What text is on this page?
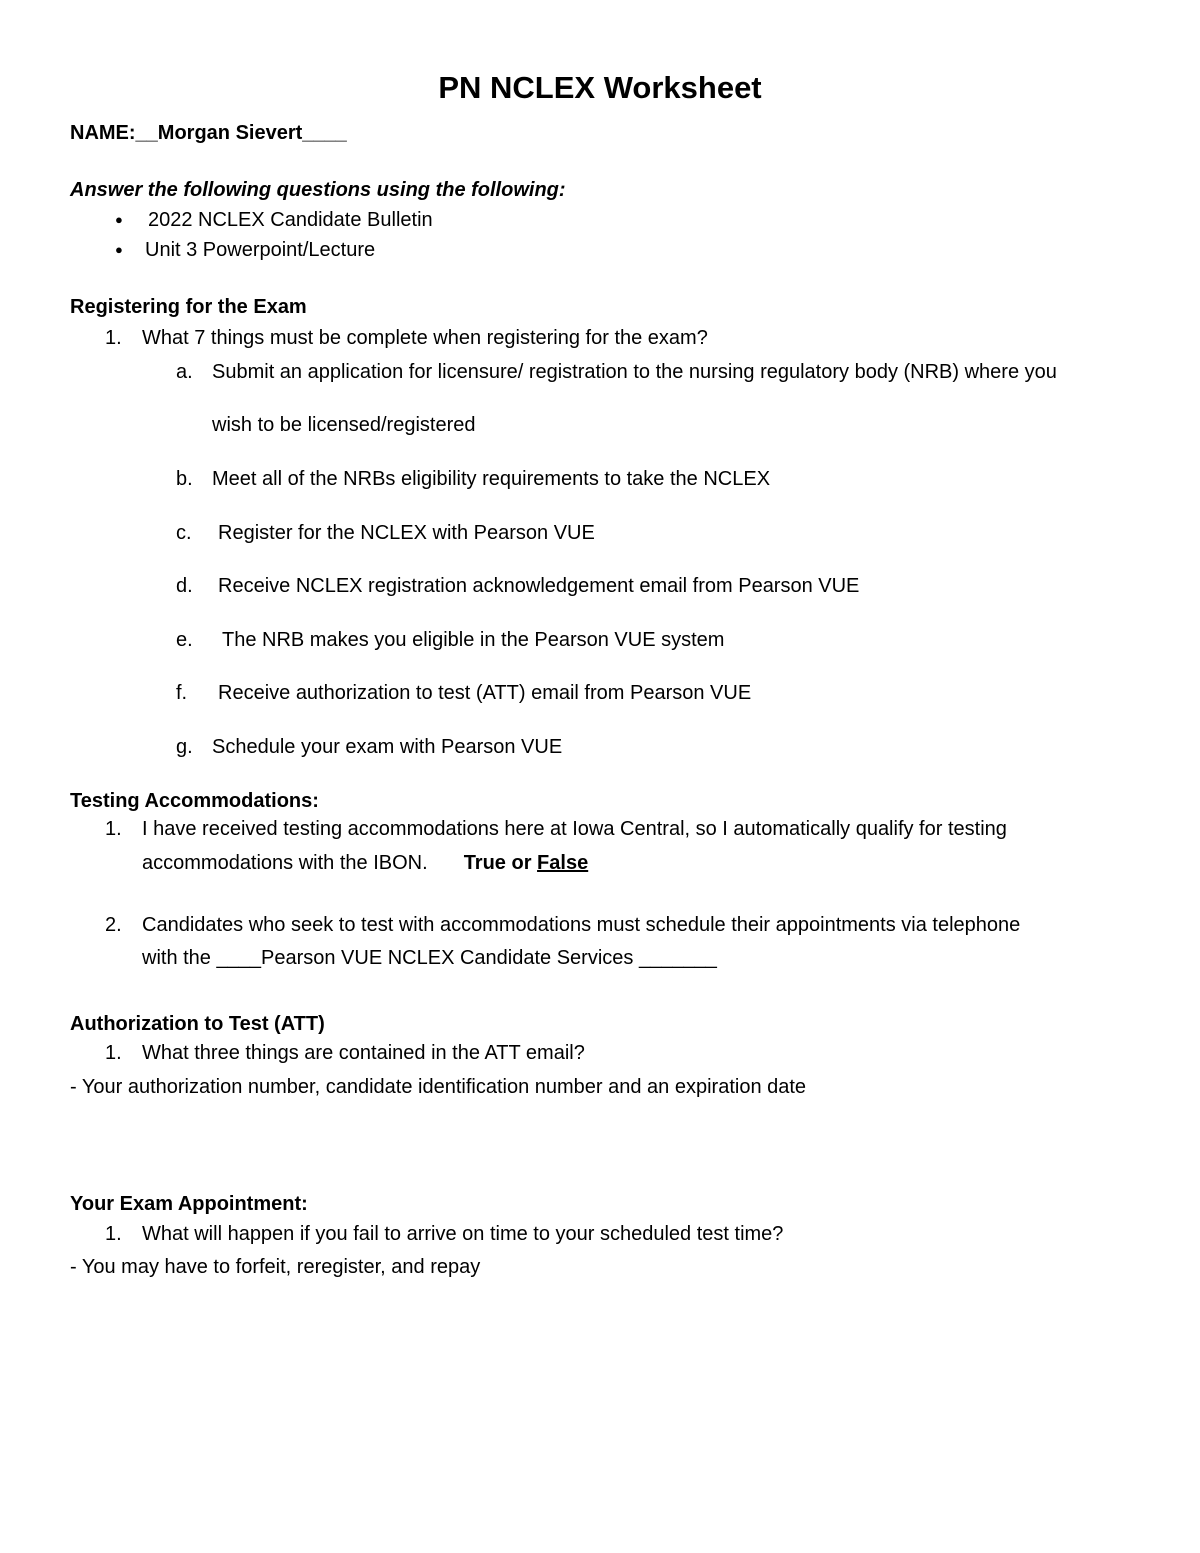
PN NCLEX Worksheet
NAME:__Morgan Sievert____
Answer the following questions using the following:
● 2022 NCLEX Candidate Bulletin
● Unit 3 Powerpoint/Lecture
Registering for the Exam
1. What 7 things must be complete when registering for the exam?
a. Submit an application for licensure/ registration to the nursing regulatory body (NRB) where you
wish to be licensed/registered
b. Meet all of the NRBs eligibility requirements to take the NCLEX
c. Register for the NCLEX with Pearson VUE
d. Receive NCLEX registration acknowledgement email from Pearson VUE
e. The NRB makes you eligible in the Pearson VUE system
f. Receive authorization to test (ATT) email from Pearson VUE
g. Schedule your exam with Pearson VUE
Testing Accommodations:
1. I have received testing accommodations here at Iowa Central, so I automatically qualify for testing
accommodations with the IBON. True or False
2. Candidates who seek to test with accommodations must schedule their appointments via telephone
with the ____Pearson VUE NCLEX Candidate Services _______
Authorization to Test (ATT)
1. What three things are contained in the ATT email?
- Your authorization number, candidate identification number and an expiration date
Your Exam Appointment:
1. What will happen if you fail to arrive on time to your scheduled test time?
- You may have to forfeit, reregister, and repay
